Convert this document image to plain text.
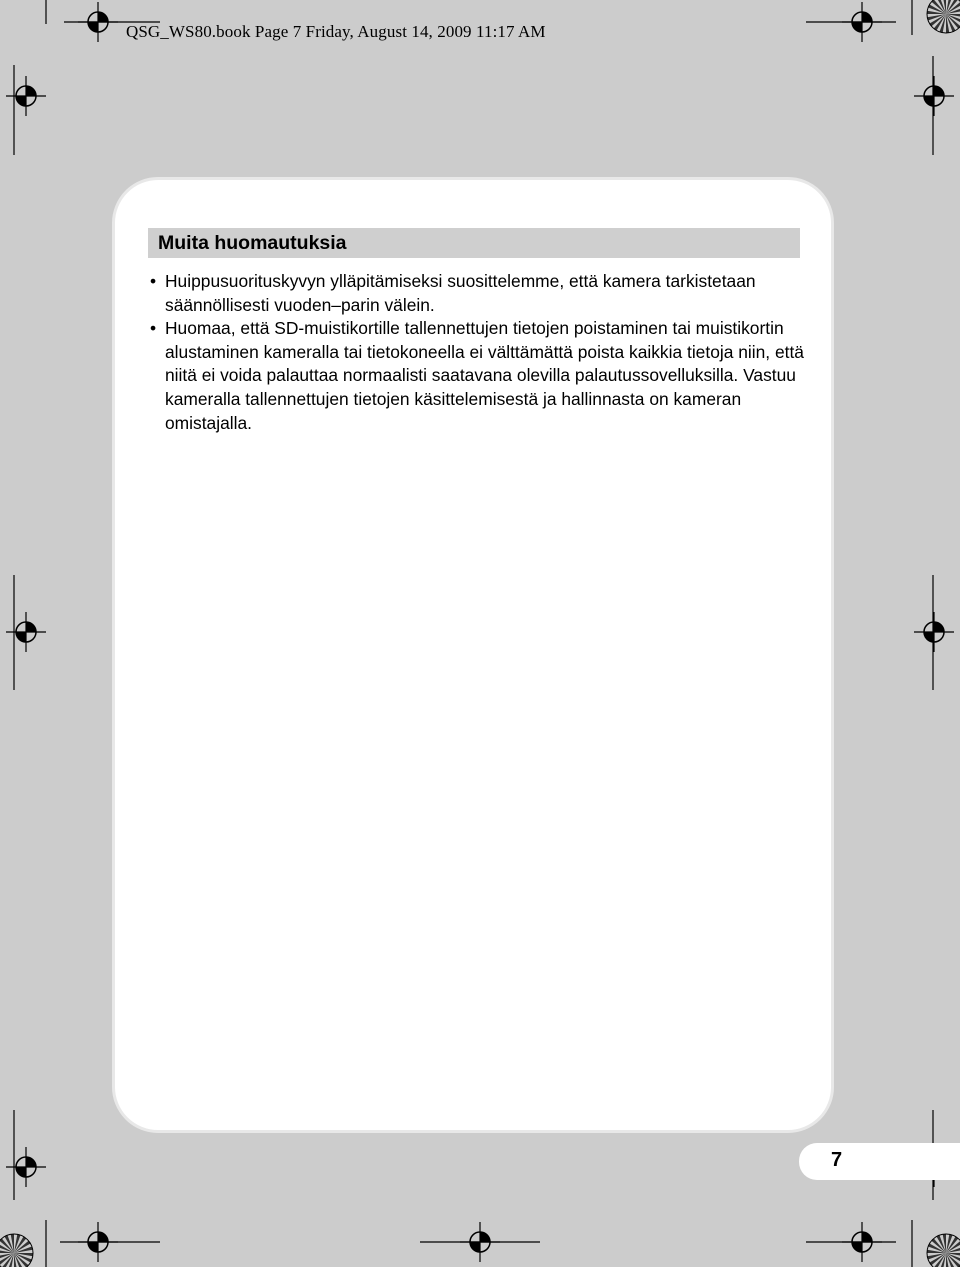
QSG_WS80.book Page 7 Friday, August 14, 2009 11:17 AM
Muita huomautuksia
• Huippusuorituskyvyn ylläpitämiseksi suosittelemme, että kamera tarkistetaan säännöllisesti vuoden–parin välein.
• Huomaa, että SD-muistikortille tallennettujen tietojen poistaminen tai muistikortin alustaminen kameralla tai tietokoneella ei välttämättä poista kaikkia tietoja niin, että niitä ei voida palauttaa normaalisti saatavana olevilla palautussovelluksilla. Vastuu kameralla tallennettujen tietojen käsittelemisestä ja hallinnasta on kameran omistajalla.
7
